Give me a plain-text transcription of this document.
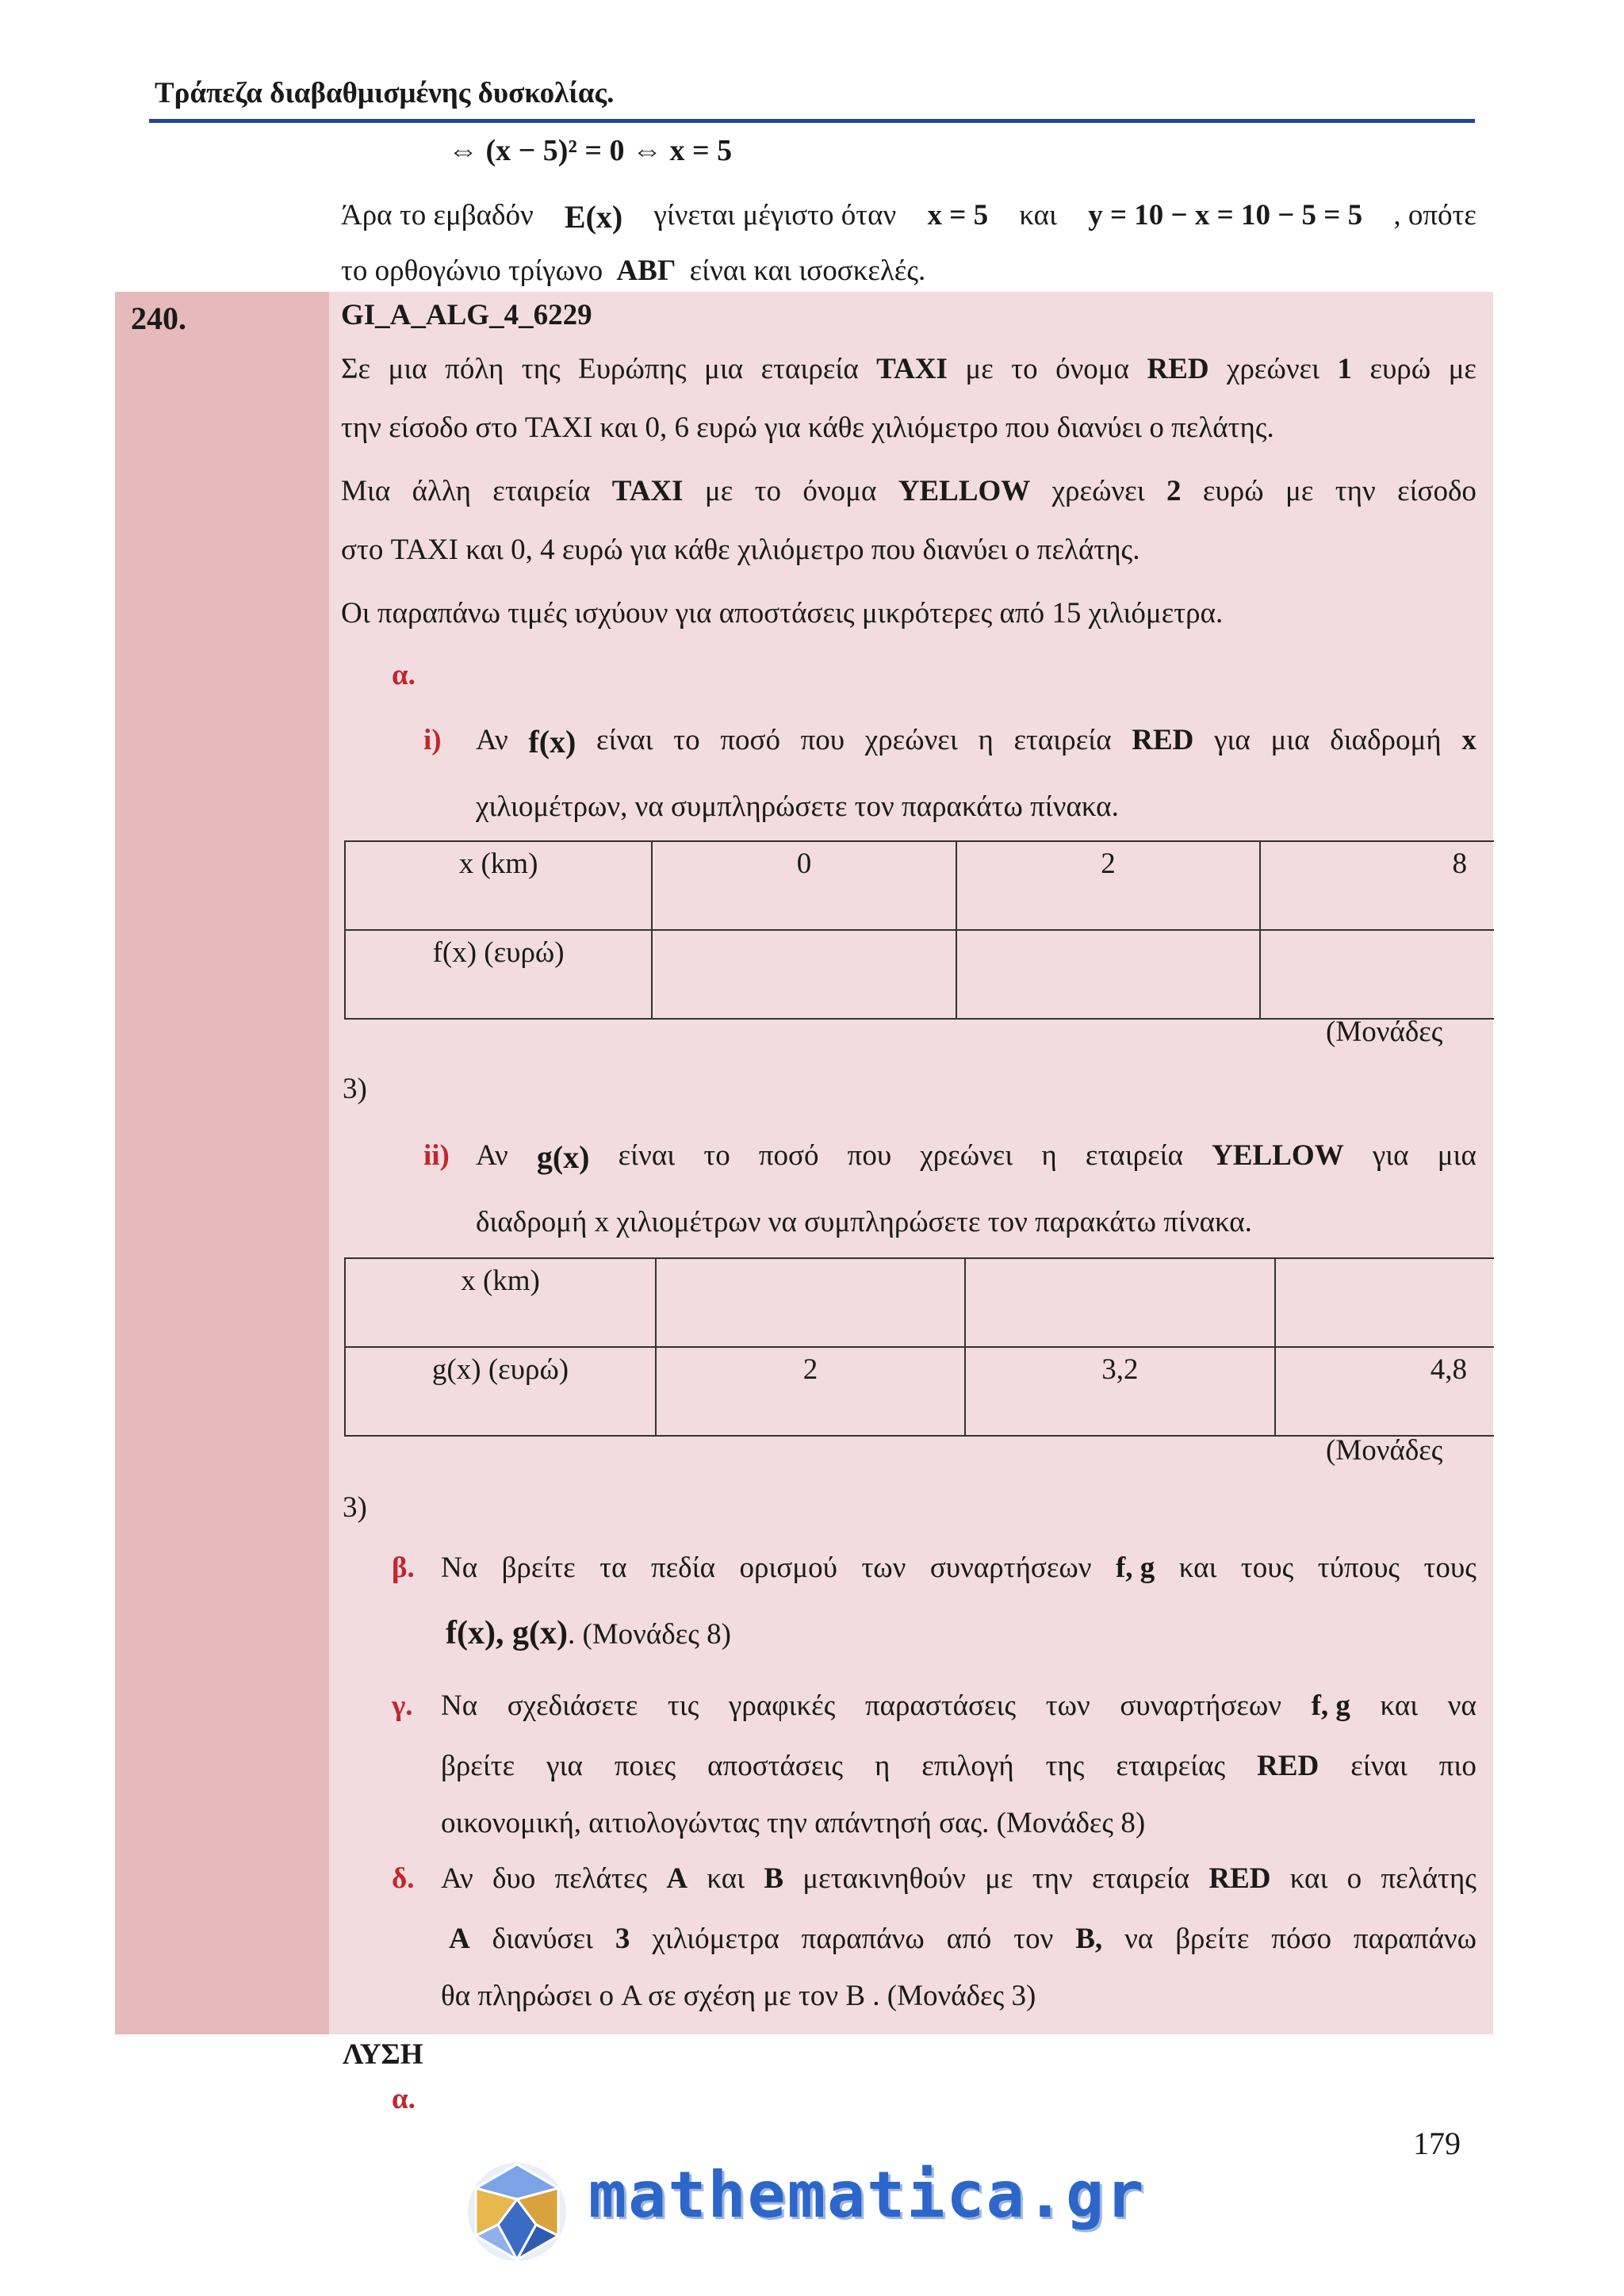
Τράπεζα διαβαθμισμένης δυσκολίας.
⇔ (x − 5)² = 0 ⇔ x = 5
Άρα το εμβαδόν E(x) γίνεται μέγιστο όταν x = 5 και y = 10 − x = 10 − 5 = 5 , οπότε
το ορθογώνιο τρίγωνο ΑΒΓ είναι και ισοσκελές.
240.	GI_A_ALG_4_6229
Σε μια πόλη της Ευρώπης μια εταιρεία TAXI με το όνομα RED χρεώνει 1 ευρώ με
την είσοδο στο TAXI και 0, 6 ευρώ για κάθε χιλιόμετρο που διανύει ο πελάτης.
Μια άλλη εταιρεία TAXI με το όνομα YELLOW χρεώνει 2 ευρώ με την είσοδο
στο TAXI και 0, 4 ευρώ για κάθε χιλιόμετρο που διανύει ο πελάτης.
Οι παραπάνω τιμές ισχύουν για αποστάσεις μικρότερες από 15 χιλιόμετρα.
α.
i) Αν f(x) είναι το ποσό που χρεώνει η εταιρεία RED για μια διαδρομή x
χιλιομέτρων, να συμπληρώσετε τον παρακάτω πίνακα.
x (km)	0	2	8
f(x) (ευρώ)			
(Μονάδες
3)
ii) Αν g(x) είναι το ποσό που χρεώνει η εταιρεία YELLOW για μια
διαδρομή x χιλιομέτρων να συμπληρώσετε τον παρακάτω πίνακα.
x (km)			
g(x) (ευρώ)	2	3,2	4,8
(Μονάδες
3)
β. Να βρείτε τα πεδία ορισμού των συναρτήσεων f, g και τους τύπους τους
f(x), g(x). (Μονάδες 8)
γ. Να σχεδιάσετε τις γραφικές παραστάσεις των συναρτήσεων f, g και να
βρείτε για ποιες αποστάσεις η επιλογή της εταιρείας RED είναι πιο
οικονομική, αιτιολογώντας την απάντησή σας. (Μονάδες 8)
δ. Αν δυο πελάτες A και B μετακινηθούν με την εταιρεία RED και ο πελάτης
A διανύσει 3 χιλιόμετρα παραπάνω από τον B, να βρείτε πόσο παραπάνω
θα πληρώσει ο A σε σχέση με τον B . (Μονάδες 3)
ΛΥΣΗ
α.
179
mathematica.gr
